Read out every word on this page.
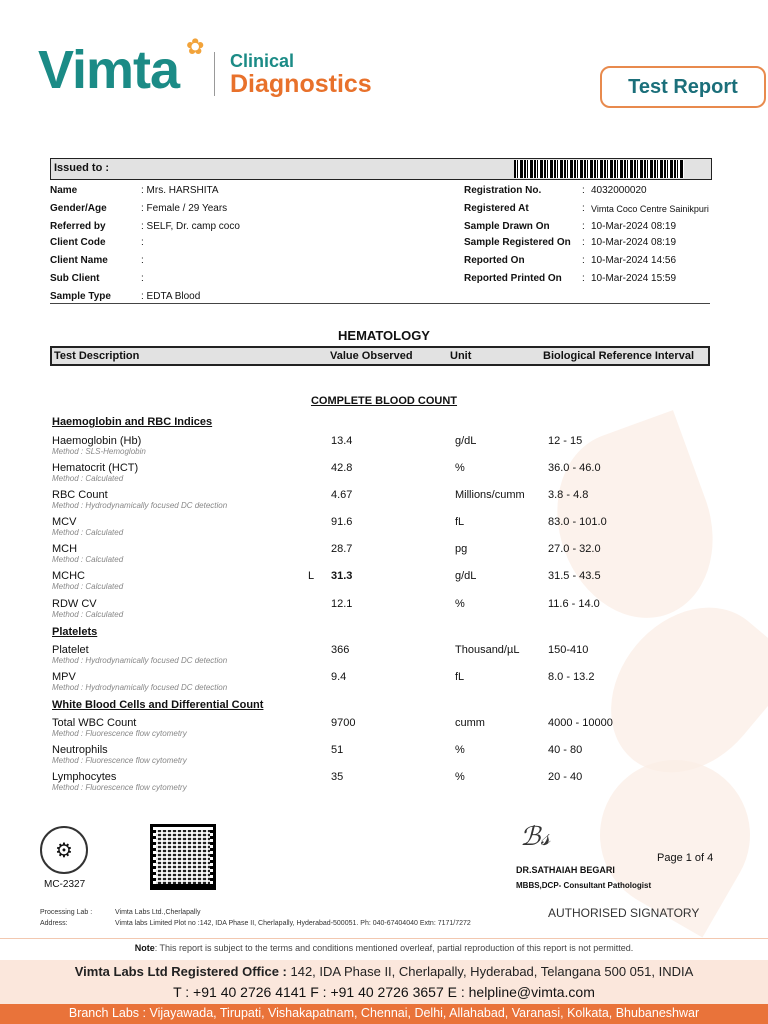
Vimta ✿
Clinical
Diagnostics	Test Report
Issued to :
Name	: Mrs. HARSHITA
Gender/Age	: Female / 29 Years
Referred by	: SELF, Dr. camp coco
Client Code	:
Client Name	:
Sub Client	:
Sample Type	: EDTA Blood
Registration No.	: 4032000020
Registered At	: Vimta Coco Centre Sainikpuri
Sample Drawn On	: 10-Mar-2024 08:19
Sample Registered On : 10-Mar-2024 08:19
Reported On	: 10-Mar-2024 14:56
Reported Printed On : 10-Mar-2024 15:59
HEMATOLOGY
Test Description	Value Observed	Unit	Biological Reference Interval
COMPLETE BLOOD COUNT
Haemoglobin and RBC Indices
Haemoglobin (Hb)
Method : SLS-Hemoglobin
13.4	g/dL	12 - 15
Hematocrit (HCT)
Method : Calculated
42.8	%	36.0 - 46.0
RBC Count
Method : Hydrodynamically focused DC detection
4.67	Millions/cumm 3.8 - 4.8
MCV
Method : Calculated
91.6	fL	83.0 - 101.0
MCH
Method : Calculated
28.7	pg	27.0 - 32.0
MCHC
Method : Calculated
L 31.3	g/dL	31.5 - 43.5
RDW CV
Method : Calculated
12.1	%	11.6 - 14.0
Platelets
Platelet
Method : Hydrodynamically focused DC detection
366	Thousand/µL	150-410
MPV
Method : Hydrodynamically focused DC detection
9.4	fL	8.0 - 13.2
White Blood Cells and Differential Count
Total WBC Count
Method : Fluorescence flow cytometry
9700	cumm	4000 - 10000
Neutrophils
Method : Fluorescence flow cytometry
51	%	40 - 80
Lymphocytes
Method : Fluorescence flow cytometry
35	%	20 - 40
⚙
MC-2327
ℬ𝓈
Page 1 of 4
DR.SATHAIAH BEGARI
MBBS,DCP- Consultant Pathologist
AUTHORISED SIGNATORY
Processing Lab :	Vimta Labs Ltd.,Cherlapally
Address:	Vimta labs Limited Plot no :142, IDA Phase II, Cherlapally, Hyderabad-500051. Ph: 040-67404040 Extn: 7171/7272
Note: This report is subject to the terms and conditions mentioned overleaf, partial reproduction of this report is not permitted.
Vimta Labs Ltd Registered Office : 142, IDA Phase II, Cherlapally, Hyderabad, Telangana 500 051, INDIA
T : +91 40 2726 4141 F : +91 40 2726 3657 E : helpline@vimta.com
Branch Labs : Vijayawada, Tirupati, Vishakapatnam, Chennai, Delhi, Allahabad, Varanasi, Kolkata, Bhubaneshwar
